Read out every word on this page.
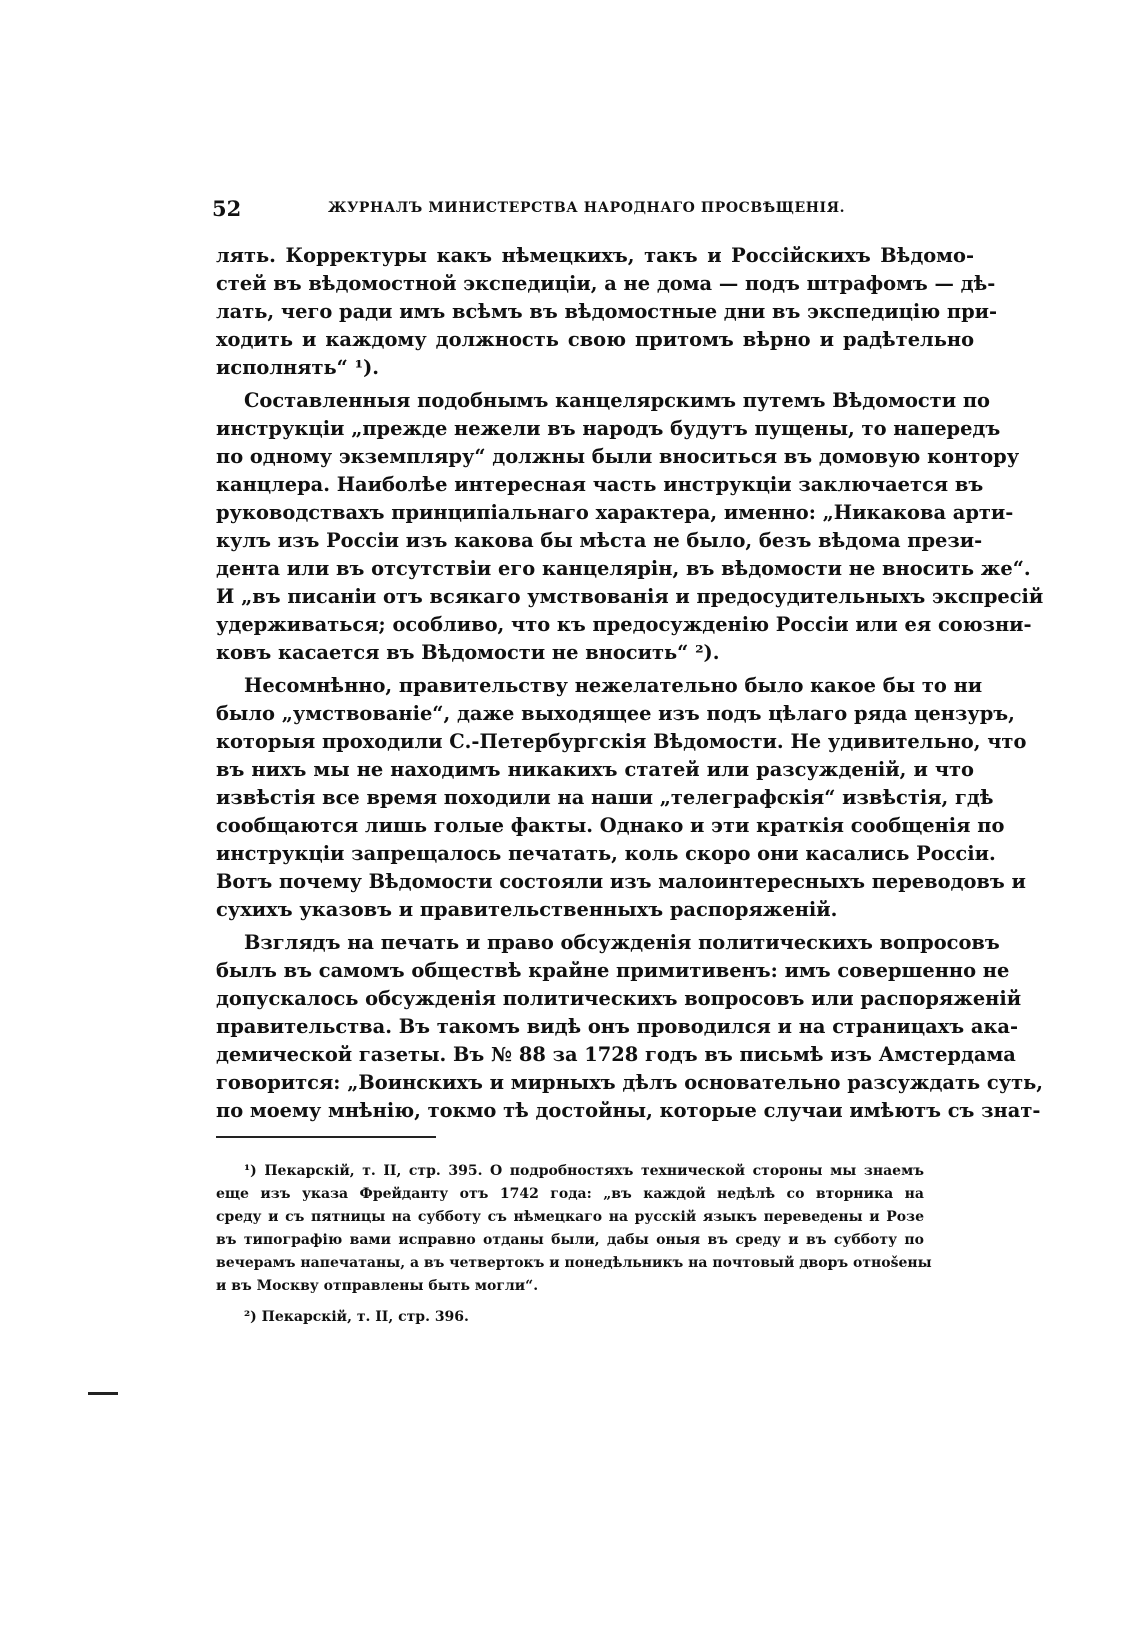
52	ЖУРНАЛЪ МИНИСТЕРСТВА НАРОДНАГО ПРОСВѢЩЕНІЯ.
лять. Корректуры какъ нѣмецкихъ, такъ и Россійскихъ Вѣдомо-
стей въ вѣдомостной экспедиціи, а не дома — подъ штрафомъ — дѣ-
лать, чего ради имъ всѣмъ въ вѣдомостные дни въ экспедицію при-
ходить и каждому должность свою притомъ вѣрно и радѣтельно
исполнять“ ¹).
Составленныя подобнымъ канцелярскимъ путемъ Вѣдомости по
инструкціи „прежде нежели въ народъ будутъ пущены, то напередъ
по одному экземпляру“ должны были вноситься въ домовую контору
канцлера. Наиболѣе интересная часть инструкціи заключается въ
руководствахъ принципіальнаго характера, именно: „Никакова арти-
кулъ изъ Россіи изъ какова бы мѣста не было, безъ вѣдома прези-
дента или въ отсутствіи его канцелярін, въ вѣдомости не вносить же“.
И „въ писаніи отъ всякаго умствованія и предосудительныхъ экспресій
удерживаться; особливо, что къ предосужденію Россіи или ея союзни-
ковъ касается въ Вѣдомости не вносить“ ²).
Несомнѣнно, правительству нежелательно было какое бы то ни
было „умствованіе“, даже выходящее изъ подъ цѣлаго ряда цензуръ,
которыя проходили С.-Петербургскія Вѣдомости. Не удивительно, что
въ нихъ мы не находимъ никакихъ статей или разсужденій, и что
извѣстія все время походили на наши „телеграфскія“ извѣстія, гдѣ
сообщаются лишь голые факты. Однако и эти краткія сообщенія по
инструкціи запрещалось печатать, коль скоро они касались Россіи.
Вотъ почему Вѣдомости состояли изъ малоинтересныхъ переводовъ и
сухихъ указовъ и правительственныхъ распоряженій.
Взглядъ на печать и право обсужденія политическихъ вопросовъ
былъ въ самомъ обществѣ крайне примитивенъ: имъ совершенно не
допускалось обсужденія политическихъ вопросовъ или распоряженій
правительства. Въ такомъ видѣ онъ проводился и на страницахъ ака-
демической газеты. Въ № 88 за 1728 годъ въ письмѣ изъ Амстердама
говорится: „Воинскихъ и мирныхъ дѣлъ основательно разсуждать суть,
по моему мнѣнію, токмо тѣ достойны, которые случаи имѣютъ съ знат-
¹) Пекарскій, т. II, стр. 395. О подробностяхъ технической стороны мы знаемъ
еще изъ указа Фрейданту отъ 1742 года: „въ каждой недѣлѣ со вторника на
среду и съ пятницы на субботу съ нѣмецкаго на русскій языкъ переведены и Розе
въ типографію вами исправно отданы были, дабы оныя въ среду и въ субботу по
вечерамъ напечатаны, а въ четвертокъ и понедѣльникъ на почтовый дворъ отнošены
и въ Москву отправлены быть могли“.
²) Пекарскій, т. II, стр. 396.
